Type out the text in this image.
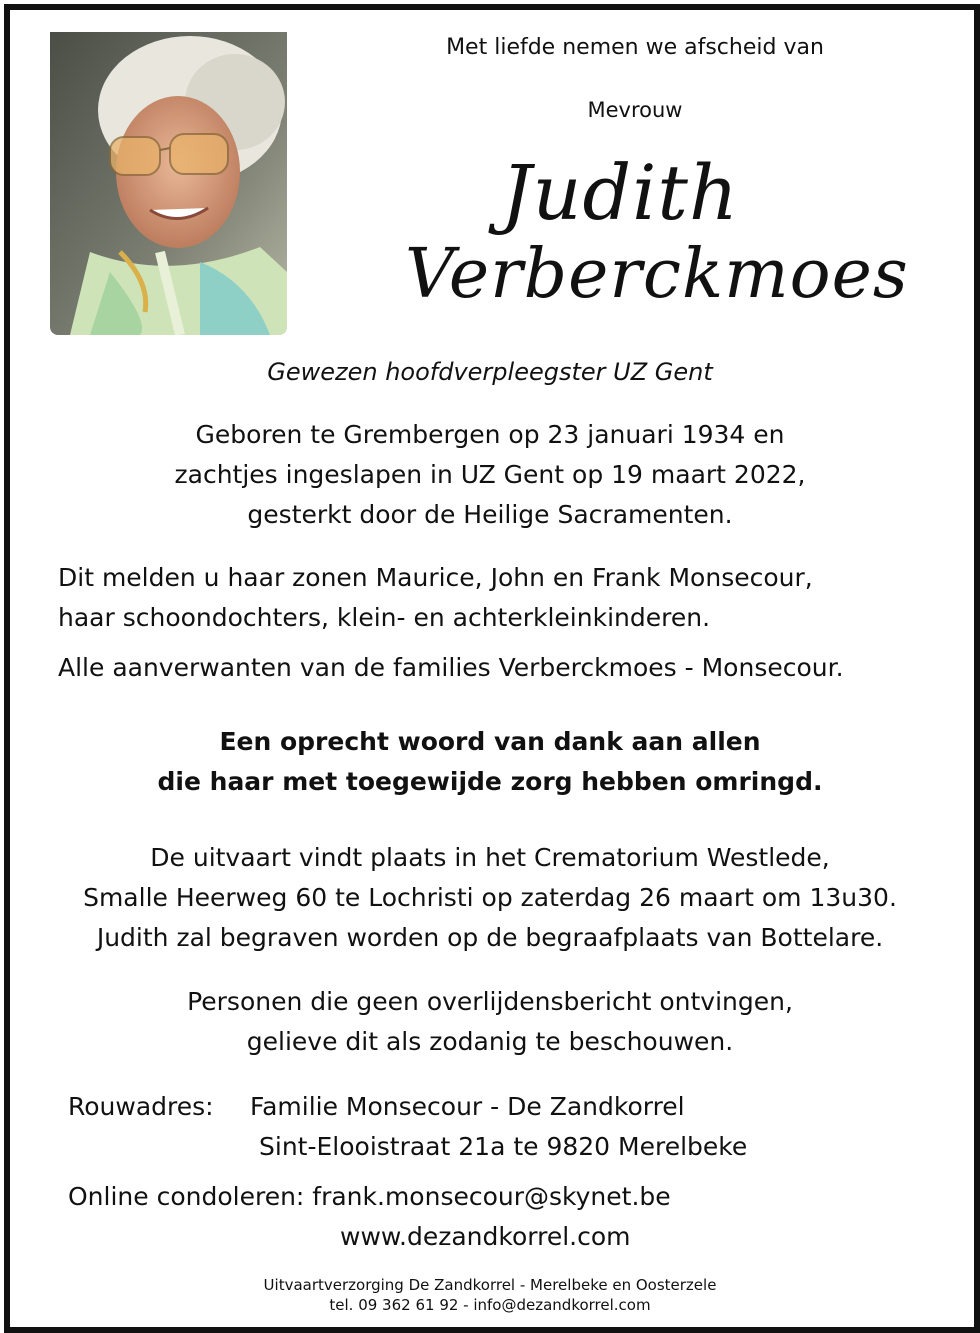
Met liefde nemen we afscheid van
Mevrouw
Judith
Verberckmoes
Gewezen hoofdverpleegster UZ Gent
Geboren te Grembergen op 23 januari 1934 en
zachtjes ingeslapen in UZ Gent op 19 maart 2022,
gesterkt door de Heilige Sacramenten.
Dit melden u haar zonen Maurice, John en Frank Monsecour,
haar schoondochters, klein- en achterkleinkinderen.
Alle aanverwanten van de families Verberckmoes - Monsecour.
Een oprecht woord van dank aan allen
die haar met toegewijde zorg hebben omringd.
De uitvaart vindt plaats in het Crematorium Westlede,
Smalle Heerweg 60 te Lochristi op zaterdag 26 maart om 13u30.
Judith zal begraven worden op de begraafplaats van Bottelare.
Personen die geen overlijdensbericht ontvingen,
gelieve dit als zodanig te beschouwen.
Rouwadres: Familie Monsecour - De Zandkorrel
Sint-Elooistraat 21a te 9820 Merelbeke
Online condoleren: frank.monsecour@skynet.be
www.dezandkorrel.com
Uitvaartverzorging De Zandkorrel - Merelbeke en Oosterzele
tel. 09 362 61 92 - info@dezandkorrel.com
